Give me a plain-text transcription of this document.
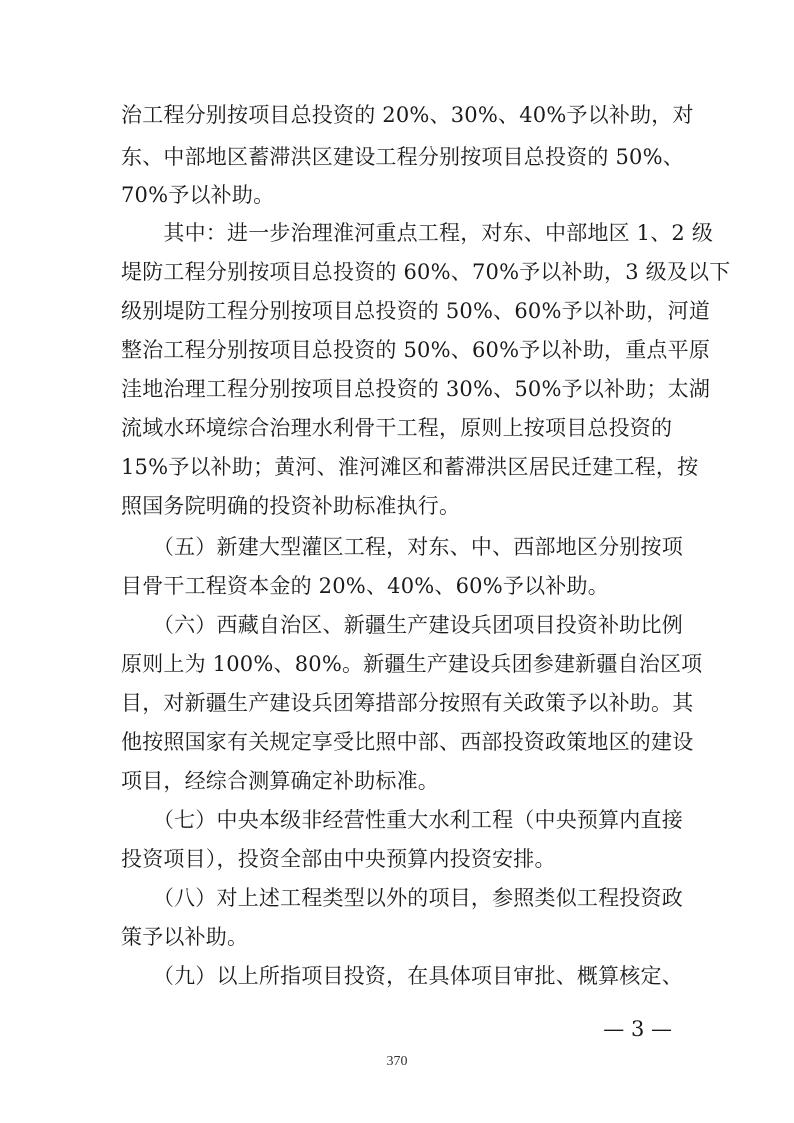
治工程分别按项目总投资的 20%、30%、40%予以补助，对
东、中部地区蓄滞洪区建设工程分别按项目总投资的 50%、
70%予以补助。
　　其中：进一步治理淮河重点工程，对东、中部地区 1、2 级
堤防工程分别按项目总投资的 60%、70%予以补助，3 级及以下
级别堤防工程分别按项目总投资的 50%、60%予以补助，河道
整治工程分别按项目总投资的 50%、60%予以补助，重点平原
洼地治理工程分别按项目总投资的 30%、50%予以补助；太湖
流域水环境综合治理水利骨干工程，原则上按项目总投资的
15%予以补助；黄河、淮河滩区和蓄滞洪区居民迁建工程，按
照国务院明确的投资补助标准执行。
　　（五）新建大型灌区工程，对东、中、西部地区分别按项
目骨干工程资本金的 20%、40%、60%予以补助。
　　（六）西藏自治区、新疆生产建设兵团项目投资补助比例
原则上为 100%、80%。新疆生产建设兵团参建新疆自治区项
目，对新疆生产建设兵团筹措部分按照有关政策予以补助。其
他按照国家有关规定享受比照中部、西部投资政策地区的建设
项目，经综合测算确定补助标准。
　　（七）中央本级非经营性重大水利工程（中央预算内直接
投资项目），投资全部由中央预算内投资安排。
　　（八）对上述工程类型以外的项目，参照类似工程投资政
策予以补助。
　　（九）以上所指项目投资，在具体项目审批、概算核定、
— 3 —
370
